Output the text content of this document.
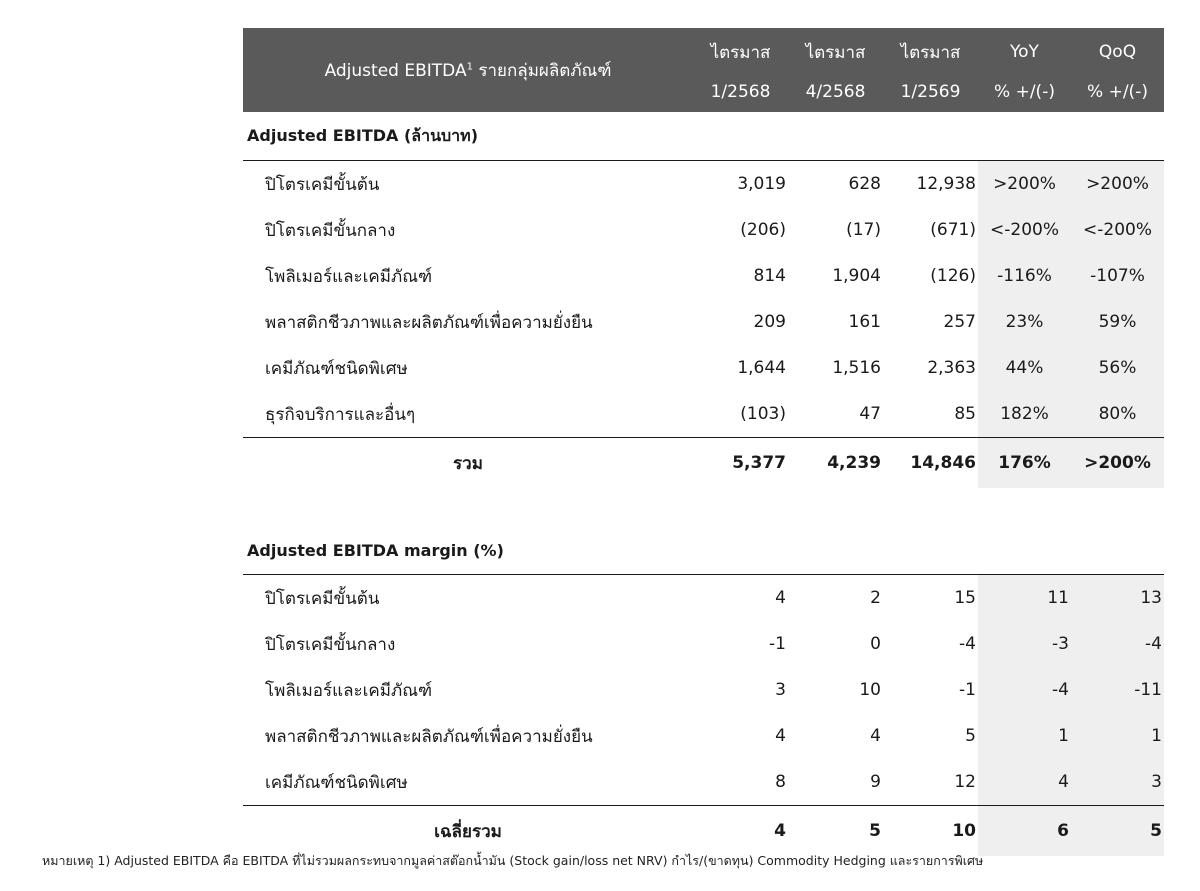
Adjusted EBITDA$^1$ รายกลุ่มผลิตภัณฑ์	ไตรมาส	ไตรมาส	ไตรมาส	YoY	QoQ
	1/2568	4/2568	1/2569	% +/(-)	% +/(-)
Adjusted EBITDA (ล้านบาท)					
ปิโตรเคมีขั้นต้น	3,019	628	12,938	>200%	>200%
ปิโตรเคมีขั้นกลาง	(206)	(17)	(671)	<-200%	<-200%
โพลิเมอร์และเคมีภัณฑ์	814	1,904	(126)	-116%	-107%
พลาสติกชีวภาพและผลิตภัณฑ์เพื่อความยั่งยืน	209	161	257	23%	59%
เคมีภัณฑ์ชนิดพิเศษ	1,644	1,516	2,363	44%	56%
ธุรกิจบริการและอื่นๆ	(103)	47	85	182%	80%
รวม	5,377	4,239	14,846	176%	>200%

Adjusted EBITDA margin (%)					
ปิโตรเคมีขั้นต้น	4	2	15	11	13
ปิโตรเคมีขั้นกลาง	-1	0	-4	-3	-4
โพลิเมอร์และเคมีภัณฑ์	3	10	-1	-4	-11
พลาสติกชีวภาพและผลิตภัณฑ์เพื่อความยั่งยืน	4	4	5	1	1
เคมีภัณฑ์ชนิดพิเศษ	8	9	12	4	3
เฉลี่ยรวม	4	5	10	6	5
หมายเหตุ 1) Adjusted EBITDA คือ EBITDA ที่ไม่รวมผลกระทบจากมูลค่าสต๊อกน้ำมัน (Stock gain/loss net NRV) กำไร/(ขาดทุน) Commodity Hedging และรายการพิเศษ
